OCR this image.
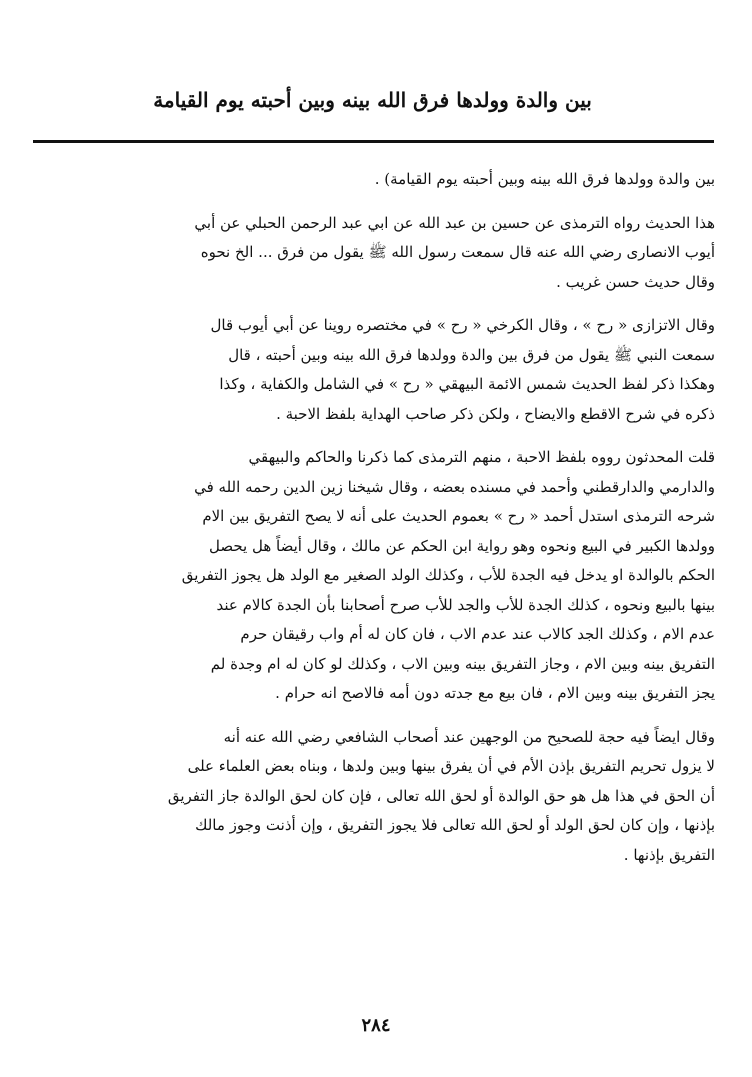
بين والدة وولدها فرق الله بينه وبين أحبته يوم القيامة
بين والدة وولدها فرق الله بينه وبين أحبته يوم القيامة) .
هذا الحديث رواه الترمذى عن حسين بن عبد الله عن ابي عبد الرحمن الحبلي عن أبي
أيوب الانصارى رضي الله عنه قال سمعت رسول الله ﷺ يقول من فرق ... الخ نحوه
وقال حديث حسن غريب .
وقال الاتزازى « رح » ، وقال الكرخي « رح » في مختصره روينا عن أبي أيوب قال
سمعت النبي ﷺ يقول من فرق بين والدة وولدها فرق الله بينه وبين أحبته ، قال
وهكذا ذكر لفظ الحديث شمس الائمة البيهقي « رح » في الشامل والكفاية ، وكذا
ذكره في شرح الاقطع والايضاح ، ولكن ذكر صاحب الهداية بلفظ الاحبة .
قلت المحدثون رووه بلفظ الاحبة ، منهم الترمذى كما ذكرنا والحاكم والبيهقي
والدارمي والدارقطني وأحمد في مسنده بعضه ، وقال شيخنا زين الدين رحمه الله في
شرحه الترمذى استدل أحمد « رح » بعموم الحديث على أنه لا يصح التفريق بين الام
وولدها الكبير في البيع ونحوه وهو رواية ابن الحكم عن مالك ، وقال أيضاً هل يحصل
الحكم بالوالدة او يدخل فيه الجدة للأب ، وكذلك الولد الصغير مع الولد هل يجوز التفريق
بينها بالبيع ونحوه ، كذلك الجدة للأب والجد للأب صرح أصحابنا بأن الجدة كالام عند
عدم الام ، وكذلك الجد كالاب عند عدم الاب ، فان كان له أم واب رقيقان حرم
التفريق بينه وبين الام ، وجاز التفريق بينه وبين الاب ، وكذلك لو كان له ام وجدة لم
يجز التفريق بينه وبين الام ، فان بيع مع جدته دون أمه فالاصح انه حرام .
وقال ايضاً فيه حجة للصحيح من الوجهين عند أصحاب الشافعي رضي الله عنه أنه
لا يزول تحريم التفريق بإذن الأم في أن يفرق بينها وبين ولدها ، وبناه بعض العلماء على
أن الحق في هذا هل هو حق الوالدة أو لحق الله تعالى ، فإن كان لحق الوالدة جاز التفريق
بإذنها ، وإن كان لحق الولد أو لحق الله تعالى فلا يجوز التفريق ، وإن أذنت وجوز مالك
التفريق بإذنها .
٢٨٤
